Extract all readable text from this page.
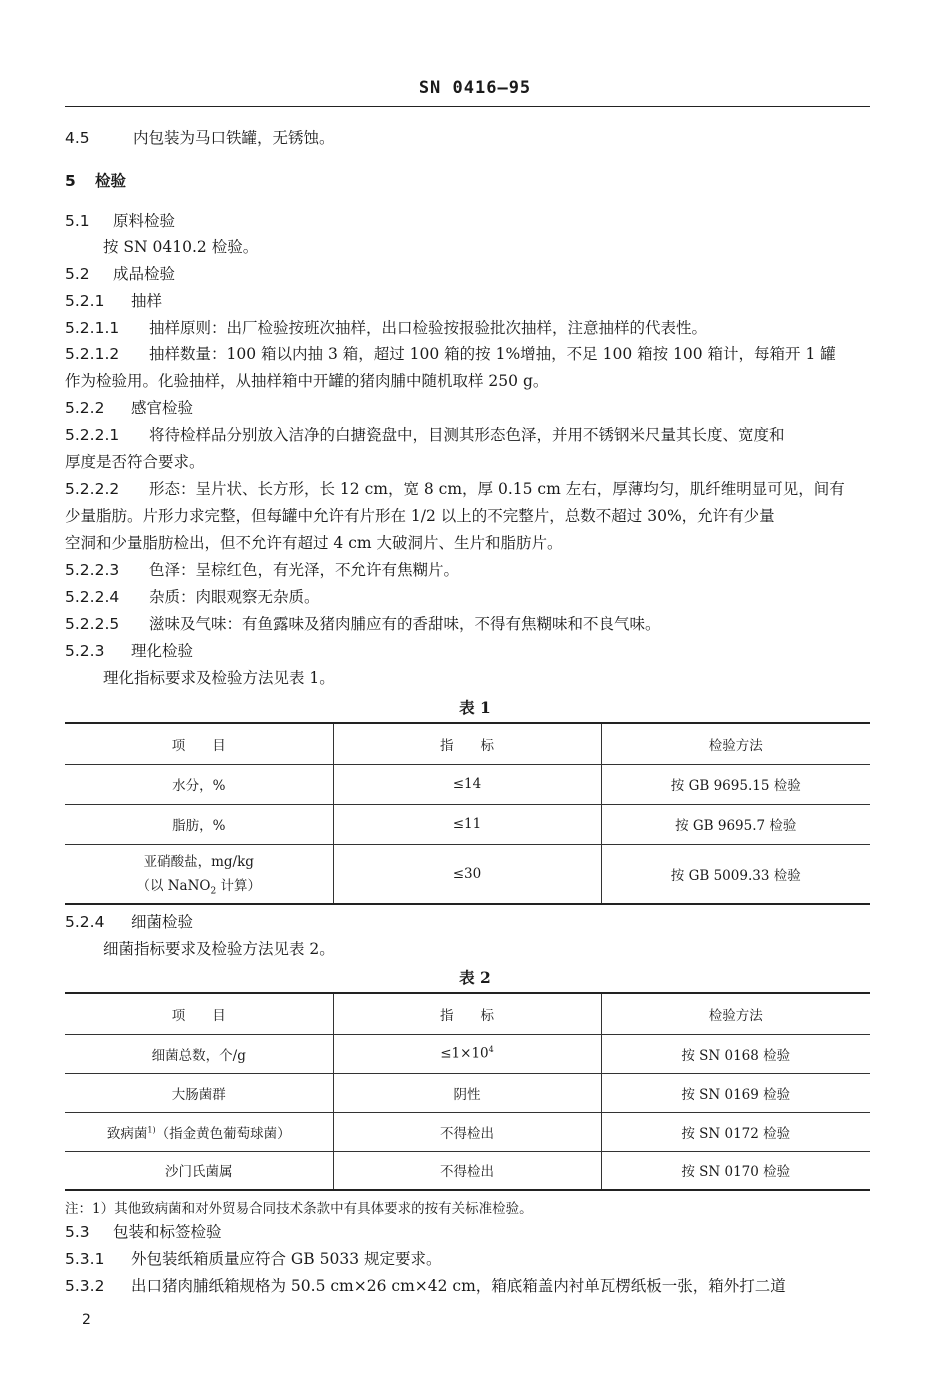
SN 0416—95
4.5	内包装为马口铁罐，无锈蚀。
5 检验
5.1 原料检验
按 SN 0410.2 检验。
5.2 成品检验
5.2.1 抽样
5.2.1.1 抽样原则：出厂检验按班次抽样，出口检验按报验批次抽样，注意抽样的代表性。
5.2.1.2 抽样数量：100 箱以内抽 3 箱，超过 100 箱的按 1%增抽，不足 100 箱按 100 箱计，每箱开 1 罐
作为检验用。化验抽样，从抽样箱中开罐的猪肉脯中随机取样 250 g。
5.2.2 感官检验
5.2.2.1 将待检样品分别放入洁净的白搪瓷盘中，目测其形态色泽，并用不锈钢米尺量其长度、宽度和
厚度是否符合要求。
5.2.2.2 形态：呈片状、长方形，长 12 cm，宽 8 cm，厚 0.15 cm 左右，厚薄均匀，肌纤维明显可见，间有
少量脂肪。片形力求完整，但每罐中允许有片形在 1/2 以上的不完整片，总数不超过 30%，允许有少量
空洞和少量脂肪检出，但不允许有超过 4 cm 大破洞片、生片和脂肪片。
5.2.2.3 色泽：呈棕红色，有光泽，不允许有焦糊片。
5.2.2.4 杂质：肉眼观察无杂质。
5.2.2.5 滋味及气味：有鱼露味及猪肉脯应有的香甜味，不得有焦糊味和不良气味。
5.2.3 理化检验
理化指标要求及检验方法见表 1。
表 1
项　　目	指　　标	检验方法
水分，%	≤14	按 GB 9695.15 检验
脂肪，%	≤11	按 GB 9695.7 检验

亚硝酸盐，mg/kg
（以 NaNO$_2$ 计算）	≤30	按 GB 5009.33 检验
5.2.4 细菌检验
细菌指标要求及检验方法见表 2。
表 2
项　　目	指　　标	检验方法
细菌总数，个/g	$\le 1\times 10^4$	按 SN 0168 检验
大肠菌群	阴性	按 SN 0169 检验
致病菌$^{1)}$（指金黄色葡萄球菌）	不得检出	按 SN 0172 检验
沙门氏菌属	不得检出	按 SN 0170 检验
注：1）其他致病菌和对外贸易合同技术条款中有具体要求的按有关标准检验。
5.3 包装和标签检验
5.3.1 外包装纸箱质量应符合 GB 5033 规定要求。
5.3.2 出口猪肉脯纸箱规格为 50.5 cm×26 cm×42 cm，箱底箱盖内衬单瓦楞纸板一张，箱外打二道
2
